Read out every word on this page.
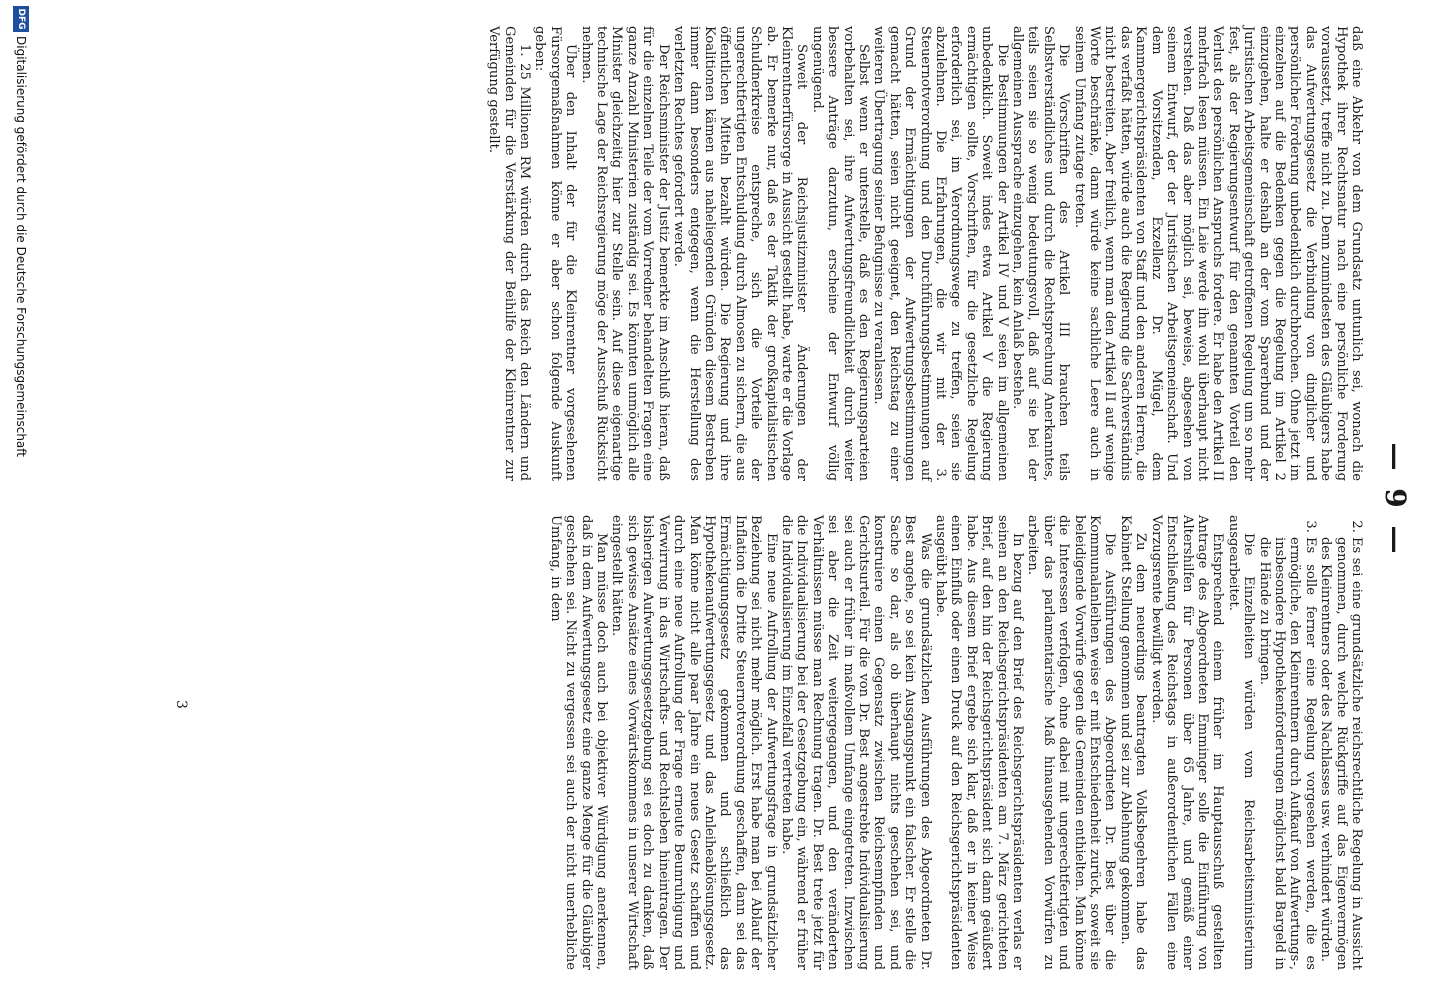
— 9 —

daß eine Abkehr von dem Grundsatz untunlich sei, wonach die Hypothek ihrer Rechtsnatur nach eine persönliche Forderung voraussetzt, treffe nicht zu. Denn zumindesten des Gläubigers habe das Aufwertungsgesetz die Verbindung von dinglicher und persönlicher Forderung unbedenklich durchbrochen. Ohne jetzt im einzelnen auf die Bedenken gegen die Regelung im Artikel 2 einzugehen, halte er deshalb an der vom Sparerbund und der Juristischen Arbeitsgemeinschaft getroffenen Regelung um so mehr fest, als der Regierungsentwurf für den genannten Vorteil den Verlust des persönlichen Anspruchs fordere. Er habe den Artikel II mehrfach lesen müssen. Ein Laie werde ihn wohl überhaupt nicht verstehen. Daß das aber möglich sei, beweise, abgesehen von seinem Entwurf, der der Juristischen Arbeitsgemeinschaft. Und dem Vorsitzenden, Exzellenz Dr. Mügel, dem Kammergerichtspräsidenten von Staff und den anderen Herren, die das verfaßt hätten, würde auch die Regierung die Sachverständnis nicht bestreiten. Aber freilich, wenn man den Artikel II auf wenige Worte beschränke, dann würde keine sachliche Leere auch in seinem Umfang zutage treten.

Die Vorschriften des Artikel III brauchen teils Selbstverständliches und durch die Rechtsprechung Anerkanntes, teils seien sie so wenig bedeutungsvoll, daß auf sie bei der allgemeinen Aussprache einzugehen, kein Anlaß bestehe.

Die Bestimmungen der Artikel IV und V seien im allgemeinen unbedenklich. Soweit indes etwa Artikel V die Regierung ermächtigen sollte, Vorschriften, für die gesetzliche Regelung erforderlich sei, im Verordnungswege zu treffen, seien sie abzulehnen. Die Erfahrungen, die wir mit der 3. Steuernotverordnung und den Durchführungsbestimmungen auf Grund der Ermächtigungen der Aufwertungsbestimmungen gemacht hätten, seien nicht geeignet, den Reichstag zu einer weiteren Übertragung seiner Befugnisse zu veranlassen.

Selbst wenn er unterstelle, daß es den Regierungsparteien vorbehalten sei, ihre Aufwertungsfreundlichkeit durch weiter bessere Anträge darzutun, erscheine der Entwurf völlig ungenügend.

Soweit der Reichsjustizminister Änderungen der Kleinrentnerfürsorge in Aussicht gestellt habe, warte er die Vorlage ab. Er bemerke nur, daß es der Taktik der großkapitalistischen Schuldnerkreise entspreche, sich die Vorteile der ungerechtfertigten Entschuldung durch Almosen zu sichern, die aus öffentlichen Mitteln bezahlt würden. Die Regierung und ihre Koalitionen kämen aus naheliegenden Gründen diesem Bestreben immer dann besonders entgegen, wenn die Herstellung des verletzten Rechtes gefordert werde.

Der Reichsminister der Justiz bemerkte im Anschluß hieran, daß für die einzelnen Teile der vom Vorredner behandelten Fragen eine ganze Anzahl Ministerien zuständig sei. Es könnten unmöglich alle Minister gleichzeitig hier zur Stelle sein. Auf diese eigenartige technische Lage der Reichsregierung möge der Ausschuß Rücksicht nehmen.

Über den Inhalt der für die Kleinrentner vorgesehenen Fürsorgemaßnahmen könne er aber schon folgende Auskunft geben:

1. 25 Millionen RM würden durch das Reich den Ländern und Gemeinden für die Verstärkung der Beihilfe der Kleinrentner zur Verfügung gestellt.

2. Es sei eine grundsätzliche reichsrechtliche Regelung in Aussicht genommen, durch welche Rückgriffe auf das Eigenvermögen des Kleinrentners oder des Nachlasses usw. verhindert würden.
3. Es solle ferner eine Regelung vorgesehen werden, die es ermögliche, den Kleinrentnern durch Aufkauf von Aufwertungs-, insbesondere Hypothekenforderungen möglichst bald Bargeld in die Hände zu bringen.

Die Einzelheiten würden vom Reichsarbeitsministerium ausgearbeitet.

Entsprechend einem früher im Hauptausschuß gestellten Antrage des Abgeordneten Emminger solle die Einführung von Altershilfen für Personen über 65 Jahre, und gemäß einer Entschließung des Reichstags in außerordentlichen Fällen eine Vorzugsrente bewilligt werden.

Zu dem neuerdings beantragten Volksbegehren habe das Kabinett Stellung genommen und sei zur Ablehnung gekommen.

Die Ausführungen des Abgeordneten Dr. Best über die Kommunalanleihen weise er mit Entschiedenheit zurück, soweit sie beleidigende Vorwürfe gegen die Gemeinden enthielten. Man könne die Interessen verfolgen, ohne dabei mit ungerechtfertigten und über das parlamentarische Maß hinausgehenden Vorwürfen zu arbeiten.

In bezug auf den Brief des Reichsgerichtspräsidenten verlas er seinen an den Reichsgerichtspräsidenten am 7. März gerichteten Brief, auf den hin der Reichsgerichtspräsident sich dann geäußert habe. Aus diesem Brief ergebe sich klar, daß er in keiner Weise einen Einfluß oder einen Druck auf den Reichsgerichtspräsidenten ausgeübt habe.

Was die grundsätzlichen Ausführungen des Abgeordneten Dr. Best angehe, so sei kein Ausgangspunkt ein falscher. Er stelle die Sache so dar, als ob überhaupt nichts geschehen sei, und konstruiere einen Gegensatz zwischen Reichsempfinden und Gerichtsurteil. Für die von Dr. Best angestrebte Individualisierung sei auch er früher in maßvollem Umfange eingetreten. Inzwischen sei aber die Zeit weitergegangen, und den veränderten Verhältnissen müsse man Rechnung tragen. Dr. Best trete jetzt für die Individualisierung bei der Gesetzgebung ein, während er früher die Individualisierung im Einzelfall vertreten habe.

Eine neue Aufrollung der Aufwertungsfrage in grundsätzlicher Beziehung sei nicht mehr möglich. Erst habe man bei Ablauf der Inflation die Dritte Steuernotverordnung geschaffen, dann sei das Ermächtigungsgesetz gekommen und schließlich das Hypothekenaufwertungsgesetz und das Anleiheablösungsgesetz. Man könne nicht alle paar Jahre ein neues Gesetz schaffen und durch eine neue Aufrollung der Frage erneute Beunruhigung und Verwirrung in das Wirtschafts- und Rechtsleben hineintragen. Der bisherigen Aufwertungsgesetzgebung sei es doch zu danken, daß sich gewisse Ansätze eines Vorwärtskommens in unserer Wirtschaft eingestellt hätten.

Man müsse doch auch bei objektiver Würdigung anerkennen, daß in dem Aufwertungsgesetz eine ganze Menge für die Gläubiger geschehen sei. Nicht zu vergessen sei auch der nicht unerhebliche Umfang, in dem

3
DFG
Digitalisierung gefördert durch die Deutsche Forschungsgemeinschaft
